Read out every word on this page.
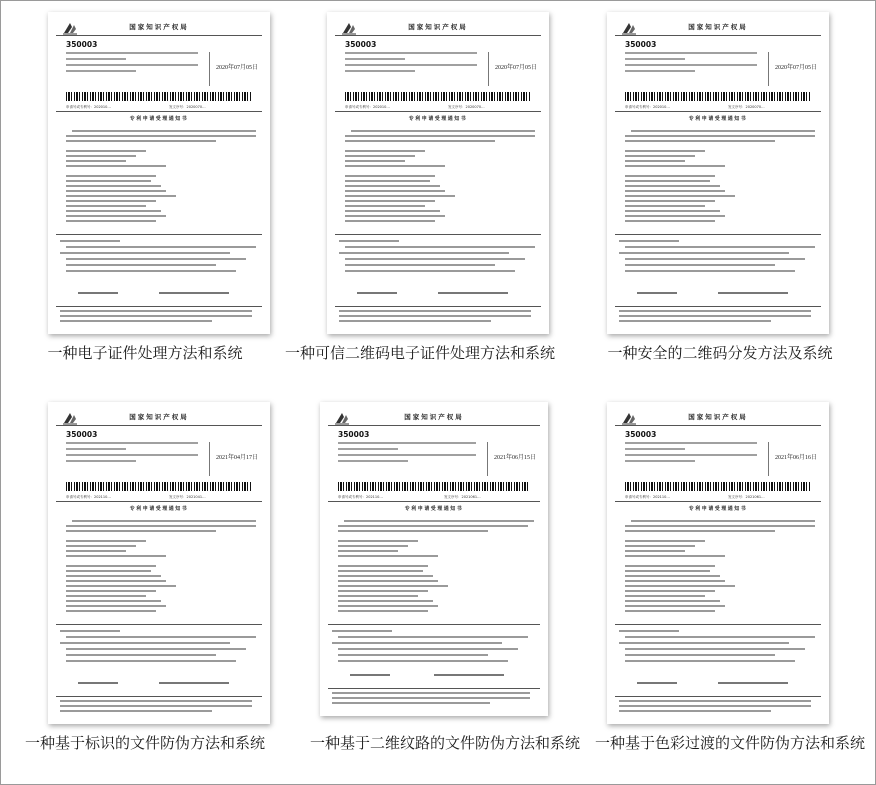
国家知识产权局
350003
2020年07月05日
申请号或专利号：202010…	发文序号：2020070…
专利申请受理通知书
一种电子证件处理方法和系统
国家知识产权局
350003
2020年07月05日
申请号或专利号：202010…	发文序号：2020070…
专利申请受理通知书
一种可信二维码电子证件处理方法和系统
国家知识产权局
350003
2020年07月05日
申请号或专利号：202010…	发文序号：2020070…
专利申请受理通知书
一种安全的二维码分发方法及系统
国家知识产权局
350003
2021年04月17日
申请号或专利号：202110…	发文序号：2021041…
专利申请受理通知书
一种基于标识的文件防伪方法和系统
国家知识产权局
350003
2021年06月15日
申请号或专利号：202110…	发文序号：2021061…
专利申请受理通知书
一种基于二维纹路的文件防伪方法和系统
国家知识产权局
350003
2021年06月16日
申请号或专利号：202110…	发文序号：2021061…
专利申请受理通知书
一种基于色彩过渡的文件防伪方法和系统
